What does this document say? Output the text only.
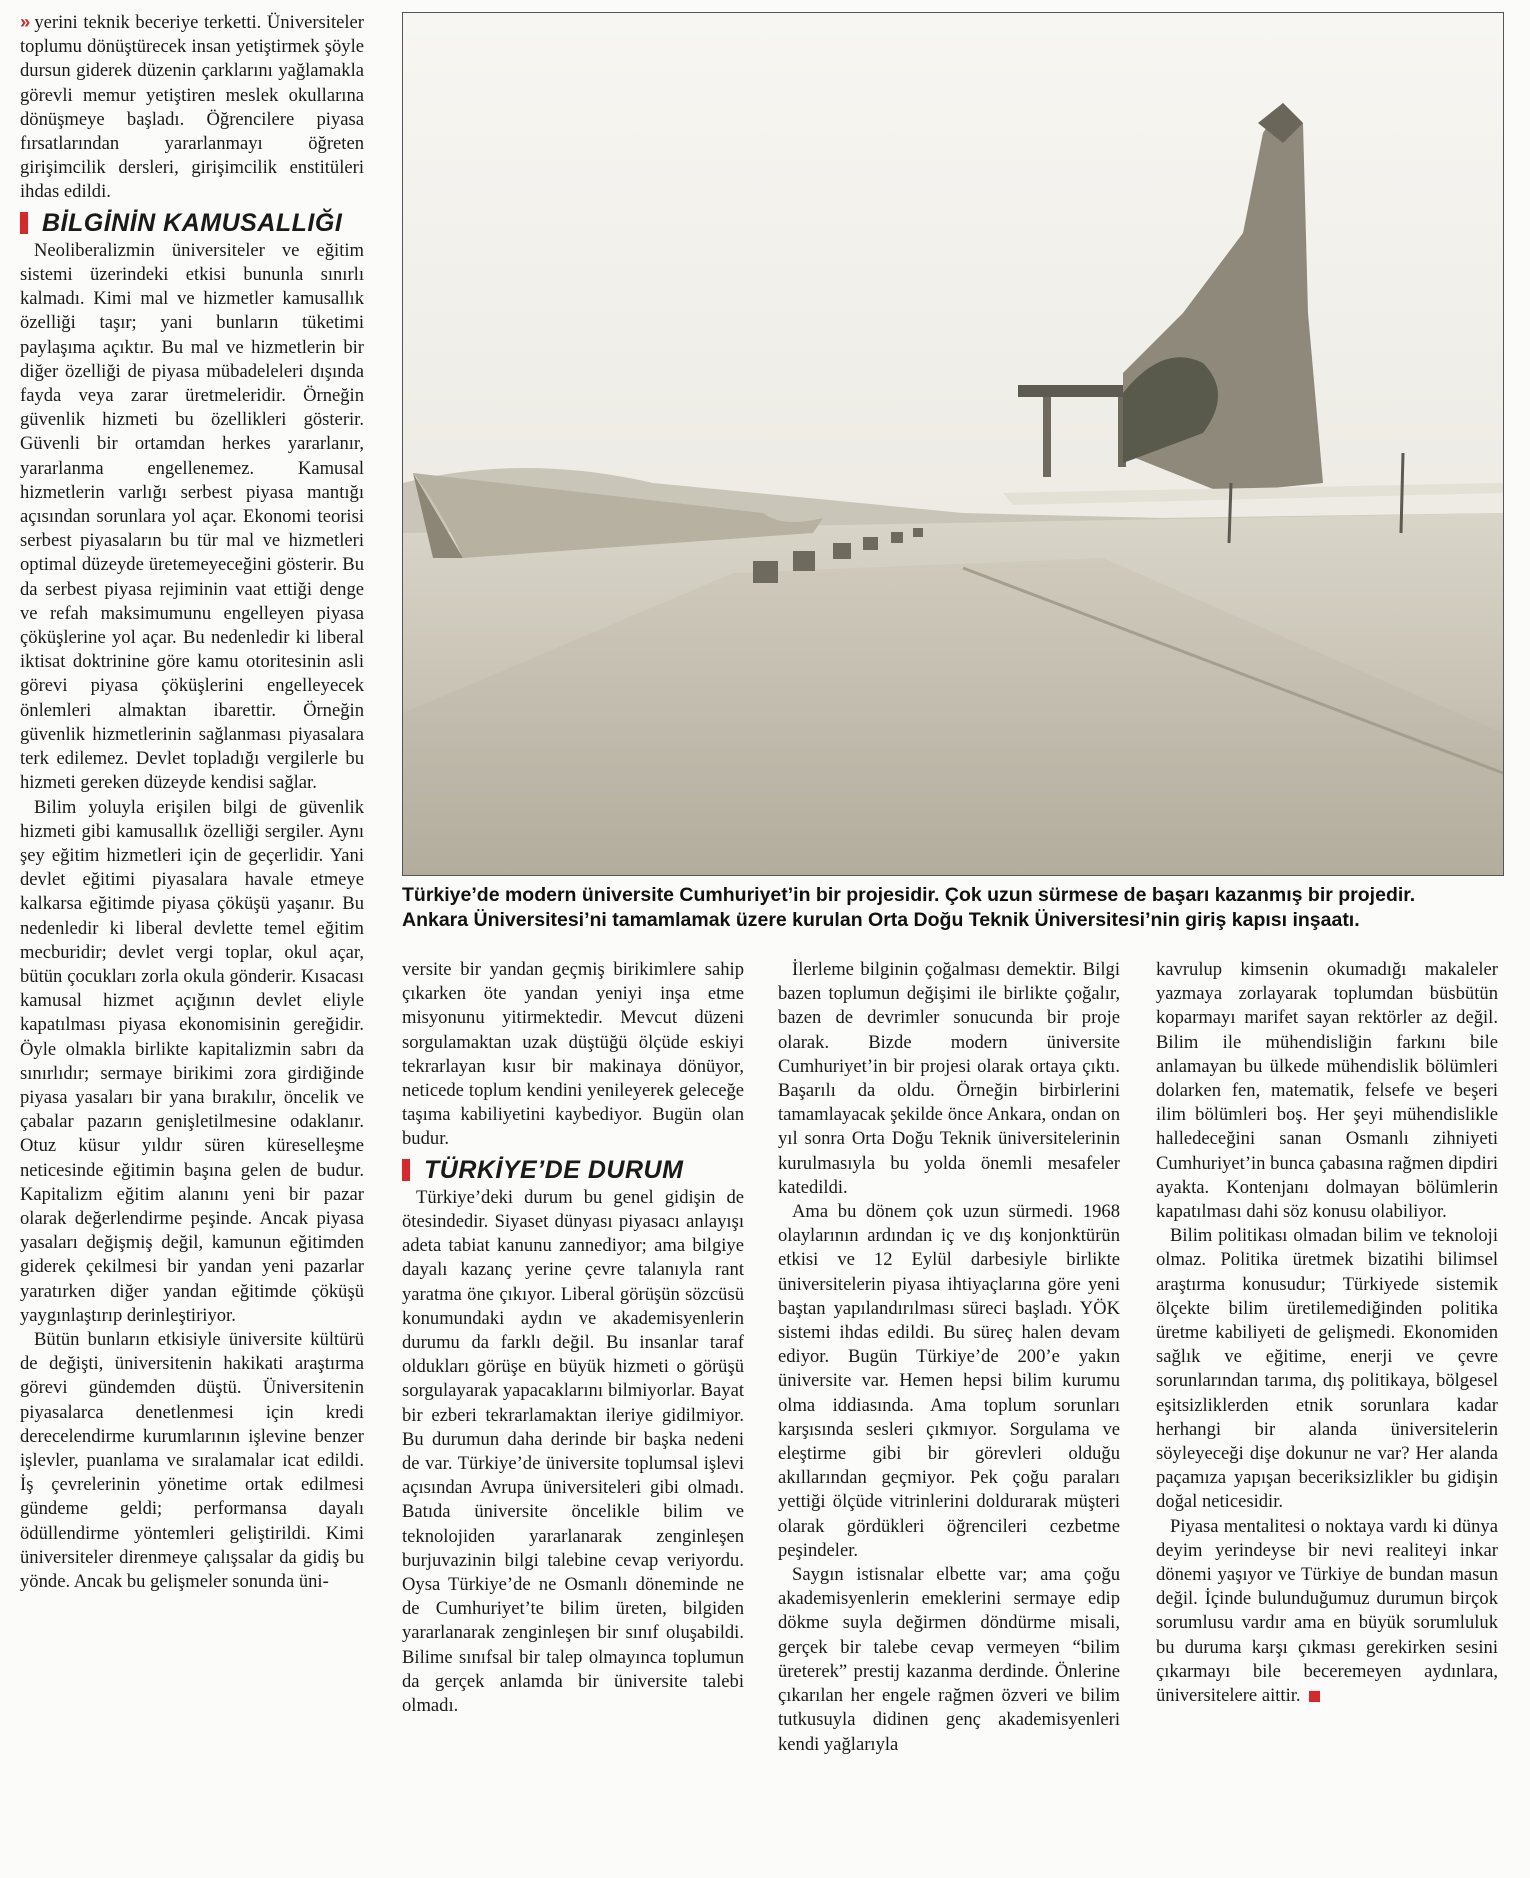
» yerini teknik beceriye terketti. Üniversiteler toplumu dönüştürecek insan yetiştirmek şöyle dursun giderek düzenin çarklarını yağlamakla görevli memur yetiştiren meslek okullarına dönüşmeye başladı. Öğrencilere piyasa fırsatlarından yararlanmayı öğreten girişimcilik dersleri, girişimcilik enstitüleri ihdas edildi.

BİLGİNİN KAMUSALLIĞI

Neoliberalizmin üniversiteler ve eğitim sistemi üzerindeki etkisi bununla sınırlı kalmadı. Kimi mal ve hizmetler kamusallık özelliği taşır; yani bunların tüketimi paylaşıma açıktır. Bu mal ve hizmetlerin bir diğer özelliği de piyasa mübadeleleri dışında fayda veya zarar üretmeleridir. Örneğin güvenlik hizmeti bu özellikleri gösterir. Güvenli bir ortamdan herkes yararlanır, yararlanma engellenemez. Kamusal hizmetlerin varlığı serbest piyasa mantığı açısından sorunlara yol açar. Ekonomi teorisi serbest piyasaların bu tür mal ve hizmetleri optimal düzeyde üretemeyeceğini gösterir. Bu da serbest piyasa rejiminin vaat ettiği denge ve refah maksimumunu engelleyen piyasa çöküşlerine yol açar. Bu nedenledir ki liberal iktisat doktrinine göre kamu otoritesinin asli görevi piyasa çöküşlerini engelleyecek önlemleri almaktan ibarettir. Örneğin güvenlik hizmetlerinin sağlanması piyasalara terk edilemez. Devlet topladığı vergilerle bu hizmeti gereken düzeyde kendisi sağlar.

Bilim yoluyla erişilen bilgi de güvenlik hizmeti gibi kamusallık özelliği sergiler. Aynı şey eğitim hizmetleri için de geçerlidir. Yani devlet eğitimi piyasalara havale etmeye kalkarsa eğitimde piyasa çöküşü yaşanır. Bu nedenledir ki liberal devlette temel eğitim mecburidir; devlet vergi toplar, okul açar, bütün çocukları zorla okula gönderir. Kısacası kamusal hizmet açığının devlet eliyle kapatılması piyasa ekonomisinin gereğidir. Öyle olmakla birlikte kapitalizmin sabrı da sınırlıdır; sermaye birikimi zora girdiğinde piyasa yasaları bir yana bırakılır, öncelik ve çabalar pazarın genişletilmesine odaklanır. Otuz küsur yıldır süren küreselleşme neticesinde eğitimin başına gelen de budur. Kapitalizm eğitim alanını yeni bir pazar olarak değerlendirme peşinde. Ancak piyasa yasaları değişmiş değil, kamunun eğitimden giderek çekilmesi bir yandan yeni pazarlar yaratırken diğer yandan eğitimde çöküşü yaygınlaştırıp derinleştiriyor.

Bütün bunların etkisiyle üniversite kültürü de değişti, üniversitenin hakikati araştırma görevi gündemden düştü. Üniversitenin piyasalarca denetlenmesi için kredi derecelendirme kurumlarının işlevine benzer işlevler, puanlama ve sıralamalar icat edildi. İş çevrelerinin yönetime ortak edilmesi gündeme geldi; performansa dayalı ödüllendirme yöntemleri geliştirildi. Kimi üniversiteler direnmeye çalışsalar da gidiş bu yönde. Ancak bu gelişmeler sonunda üni-

Türkiye’de modern üniversite Cumhuriyet’in bir projesidir. Çok uzun sürmese de başarı kazanmış bir projedir.
Ankara Üniversitesi’ni tamamlamak üzere kurulan Orta Doğu Teknik Üniversitesi’nin giriş kapısı inşaatı.

versite bir yandan geçmiş birikimlere sahip çıkarken öte yandan yeniyi inşa etme misyonunu yitirmektedir. Mevcut düzeni sorgulamaktan uzak düştüğü ölçüde eskiyi tekrarlayan kısır bir makinaya dönüyor, neticede toplum kendini yenileyerek geleceğe taşıma kabiliyetini kaybediyor. Bugün olan budur.

TÜRKİYE’DE DURUM

Türkiye’deki durum bu genel gidişin de ötesindedir. Siyaset dünyası piyasacı anlayışı adeta tabiat kanunu zannediyor; ama bilgiye dayalı kazanç yerine çevre talanıyla rant yaratma öne çıkıyor. Liberal görüşün sözcüsü konumundaki aydın ve akademisyenlerin durumu da farklı değil. Bu insanlar taraf oldukları görüşe en büyük hizmeti o görüşü sorgulayarak yapacaklarını bilmiyorlar. Bayat bir ezberi tekrarlamaktan ileriye gidilmiyor. Bu durumun daha derinde bir başka nedeni de var. Türkiye’de üniversite toplumsal işlevi açısından Avrupa üniversiteleri gibi olmadı. Batıda üniversite öncelikle bilim ve teknolojiden yararlanarak zenginleşen burjuvazinin bilgi talebine cevap veriyordu. Oysa Türkiye’de ne Osmanlı döneminde ne de Cumhuriyet’te bilim üreten, bilgiden yararlanarak zenginleşen bir sınıf oluşabildi. Bilime sınıfsal bir talep olmayınca toplumun da gerçek anlamda bir üniversite talebi olmadı.

İlerleme bilginin çoğalması demektir. Bilgi bazen toplumun değişimi ile birlikte çoğalır, bazen de devrimler sonucunda bir proje olarak. Bizde modern üniversite Cumhuriyet’in bir projesi olarak ortaya çıktı. Başarılı da oldu. Örneğin birbirlerini tamamlayacak şekilde önce Ankara, ondan on yıl sonra Orta Doğu Teknik üniversitelerinin kurulmasıyla bu yolda önemli mesafeler katedildi.

Ama bu dönem çok uzun sürmedi. 1968 olaylarının ardından iç ve dış konjonktürün etkisi ve 12 Eylül darbesiyle birlikte üniversitelerin piyasa ihtiyaçlarına göre yeni baştan yapılandırılması süreci başladı. YÖK sistemi ihdas edildi. Bu süreç halen devam ediyor. Bugün Türkiye’de 200’e yakın üniversite var. Hemen hepsi bilim kurumu olma iddiasında. Ama toplum sorunları karşısında sesleri çıkmıyor. Sorgulama ve eleştirme gibi bir görevleri olduğu akıllarından geçmiyor. Pek çoğu paraları yettiği ölçüde vitrinlerini doldurarak müşteri olarak gördükleri öğrencileri cezbetme peşindeler.

Saygın istisnalar elbette var; ama çoğu akademisyenlerin emeklerini sermaye edip dökme suyla değirmen döndürme misali, gerçek bir talebe cevap vermeyen “bilim üreterek” prestij kazanma derdinde. Önlerine çıkarılan her engele rağmen özveri ve bilim tutkusuyla didinen genç akademisyenleri kendi yağlarıyla

kavrulup kimsenin okumadığı makaleler yazmaya zorlayarak toplumdan büsbütün koparmayı marifet sayan rektörler az değil. Bilim ile mühendisliğin farkını bile anlamayan bu ülkede mühendislik bölümleri dolarken fen, matematik, felsefe ve beşeri ilim bölümleri boş. Her şeyi mühendislikle halledeceğini sanan Osmanlı zihniyeti Cumhuriyet’in bunca çabasına rağmen dipdiri ayakta. Kontenjanı dolmayan bölümlerin kapatılması dahi söz konusu olabiliyor.

Bilim politikası olmadan bilim ve teknoloji olmaz. Politika üretmek bizatihi bilimsel araştırma konusudur; Türkiyede sistemik ölçekte bilim üretilemediğinden politika üretme kabiliyeti de gelişmedi. Ekonomiden sağlık ve eğitime, enerji ve çevre sorunlarından tarıma, dış politikaya, bölgesel eşitsizliklerden etnik sorunlara kadar herhangi bir alanda üniversitelerin söyleyeceği dişe dokunur ne var? Her alanda paçamıza yapışan beceriksizlikler bu gidişin doğal neticesidir.

Piyasa mentalitesi o noktaya vardı ki dünya deyim yerindeyse bir nevi realiteyi inkar dönemi yaşıyor ve Türkiye de bundan masun değil. İçinde bulunduğumuz durumun birçok sorumlusu vardır ama en büyük sorumluluk bu duruma karşı çıkması gerekirken sesini çıkarmayı bile beceremeyen aydınlara, üniversitelere aittir.
